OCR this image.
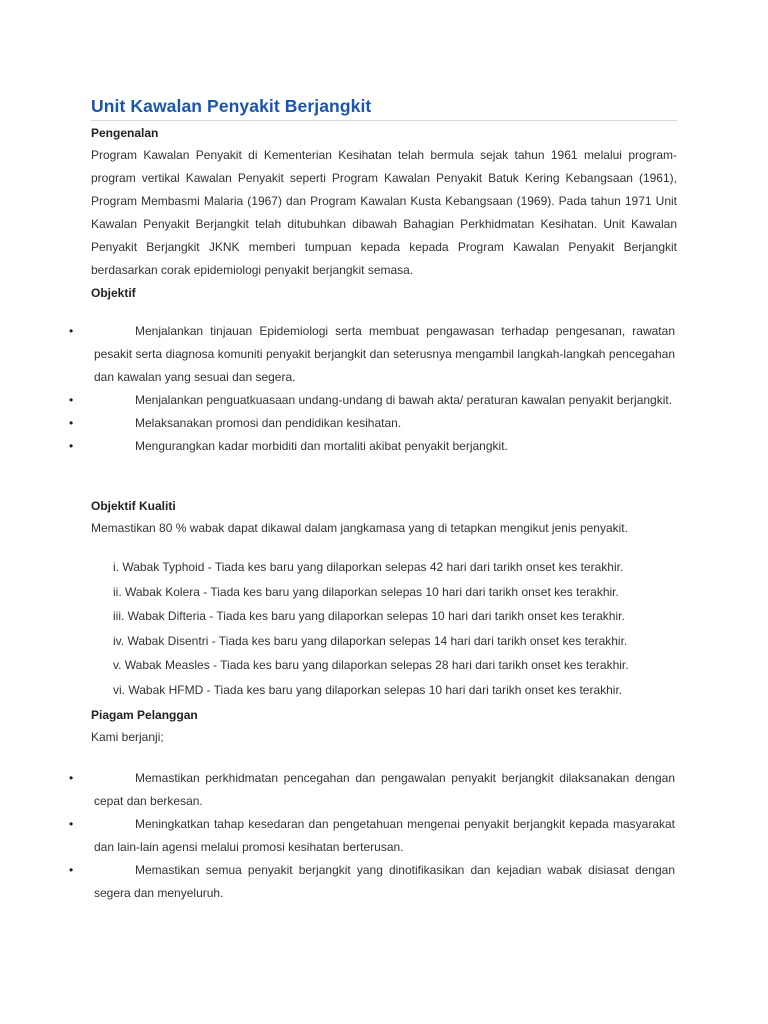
Unit Kawalan Penyakit Berjangkit
Pengenalan
Program Kawalan Penyakit di Kementerian Kesihatan telah bermula sejak tahun 1961 melalui program-program vertikal Kawalan Penyakit seperti Program Kawalan Penyakit Batuk Kering Kebangsaan (1961), Program Membasmi Malaria (1967) dan Program Kawalan Kusta Kebangsaan (1969). Pada tahun 1971 Unit Kawalan Penyakit Berjangkit telah ditubuhkan dibawah Bahagian Perkhidmatan Kesihatan. Unit Kawalan Penyakit Berjangkit JKNK memberi tumpuan kepada kepada Program Kawalan Penyakit Berjangkit berdasarkan corak epidemiologi penyakit berjangkit semasa.
Objektif
•	Menjalankan tinjauan Epidemiologi serta membuat pengawasan terhadap pengesanan, rawatan pesakit serta diagnosa komuniti penyakit berjangkit dan seterusnya mengambil langkah-langkah pencegahan dan kawalan yang sesuai dan segera.
•	Menjalankan penguatkuasaan undang-undang di bawah akta/ peraturan kawalan penyakit berjangkit.
•	Melaksanakan promosi dan pendidikan kesihatan.
•	Mengurangkan kadar morbiditi dan mortaliti akibat penyakit berjangkit.
Objektif Kualiti
Memastikan 80 % wabak dapat dikawal dalam jangkamasa yang di tetapkan mengikut jenis penyakit.
i. Wabak Typhoid - Tiada kes baru yang dilaporkan selepas 42 hari dari tarikh onset kes terakhir.
ii. Wabak Kolera - Tiada kes baru yang dilaporkan selepas 10 hari dari tarikh onset kes terakhir.
iii. Wabak Difteria - Tiada kes baru yang dilaporkan selepas 10 hari dari tarikh onset kes terakhir.
iv. Wabak Disentri - Tiada kes baru yang dilaporkan selepas 14 hari dari tarikh onset kes terakhir.
v. Wabak Measles - Tiada kes baru yang dilaporkan selepas 28 hari dari tarikh onset kes terakhir.
vi. Wabak HFMD - Tiada kes baru yang dilaporkan selepas 10 hari dari tarikh onset kes terakhir.
Piagam Pelanggan
Kami berjanji;
•	Memastikan perkhidmatan pencegahan dan pengawalan penyakit berjangkit dilaksanakan dengan cepat dan berkesan.
•	Meningkatkan tahap kesedaran dan pengetahuan mengenai penyakit berjangkit kepada masyarakat dan lain-lain agensi melalui promosi kesihatan berterusan.
•	Memastikan semua penyakit berjangkit yang dinotifikasikan dan kejadian wabak disiasat dengan segera dan menyeluruh.
